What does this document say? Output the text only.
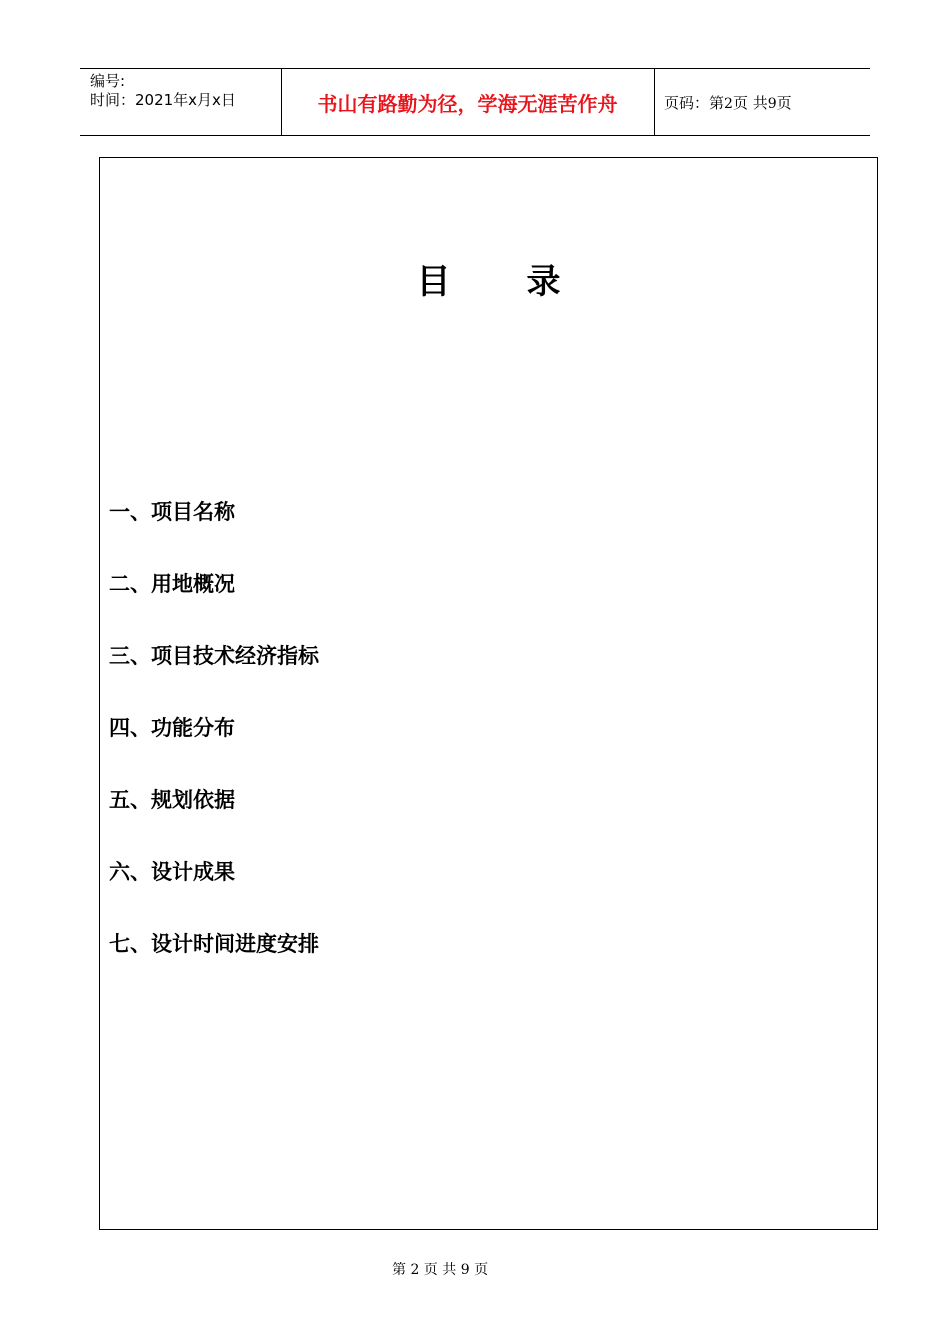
编号:
时间：2021年x月x日	书山有路勤为径，学海无涯苦作舟	页码：第2页 共9页
目 录
一、项目名称
二、用地概况
三、项目技术经济指标
四、功能分布
五、规划依据
六、设计成果
七、设计时间进度安排
第 2 页 共 9 页
